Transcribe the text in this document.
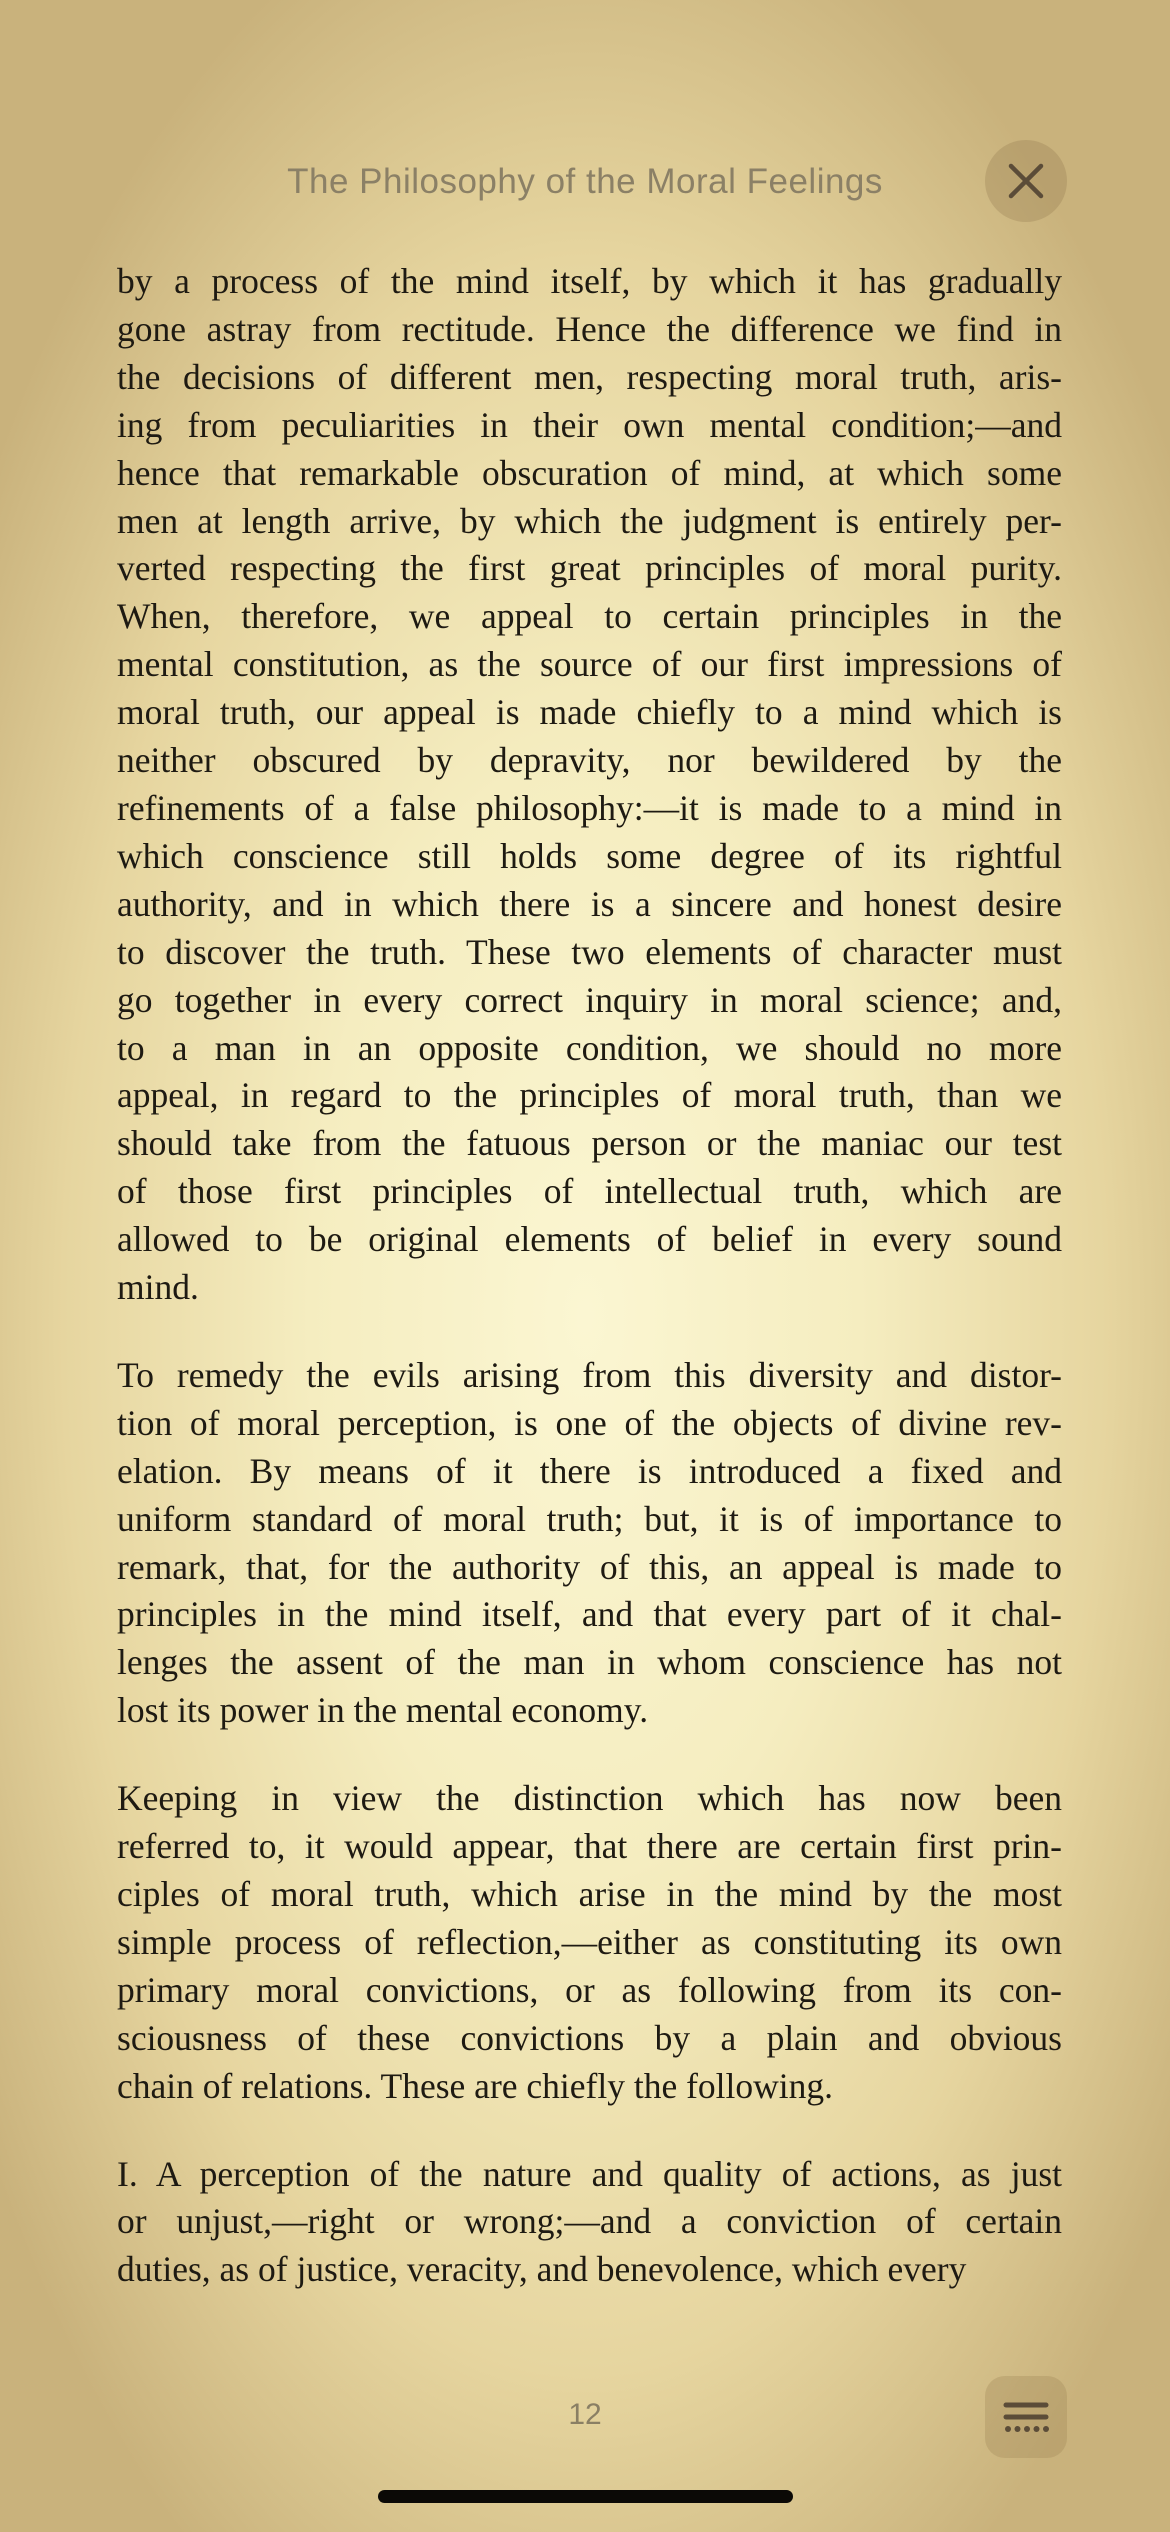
The Philosophy of the Moral Feelings

by a process of the mind itself, by which it has gradually
gone astray from rectitude. Hence the difference we find in
the decisions of different men, respecting moral truth, aris-
ing from peculiarities in their own mental condition;—and
hence that remarkable obscuration of mind, at which some
men at length arrive, by which the judgment is entirely per-
verted respecting the first great principles of moral purity.
When, therefore, we appeal to certain principles in the
mental constitution, as the source of our first impressions of
moral truth, our appeal is made chiefly to a mind which is
neither obscured by depravity, nor bewildered by the
refinements of a false philosophy:—it is made to a mind in
which conscience still holds some degree of its rightful
authority, and in which there is a sincere and honest desire
to discover the truth. These two elements of character must
go together in every correct inquiry in moral science; and,
to a man in an opposite condition, we should no more
appeal, in regard to the principles of moral truth, than we
should take from the fatuous person or the maniac our test
of those first principles of intellectual truth, which are
allowed to be original elements of belief in every sound
mind.

To remedy the evils arising from this diversity and distor-
tion of moral perception, is one of the objects of divine rev-
elation. By means of it there is introduced a fixed and
uniform standard of moral truth; but, it is of importance to
remark, that, for the authority of this, an appeal is made to
principles in the mind itself, and that every part of it chal-
lenges the assent of the man in whom conscience has not
lost its power in the mental economy.

Keeping in view the distinction which has now been
referred to, it would appear, that there are certain first prin-
ciples of moral truth, which arise in the mind by the most
simple process of reflection,—either as constituting its own
primary moral convictions, or as following from its con-
sciousness of these convictions by a plain and obvious
chain of relations. These are chiefly the following.

I. A perception of the nature and quality of actions, as just
or unjust,—right or wrong;—and a conviction of certain
duties, as of justice, veracity, and benevolence, which every

12
